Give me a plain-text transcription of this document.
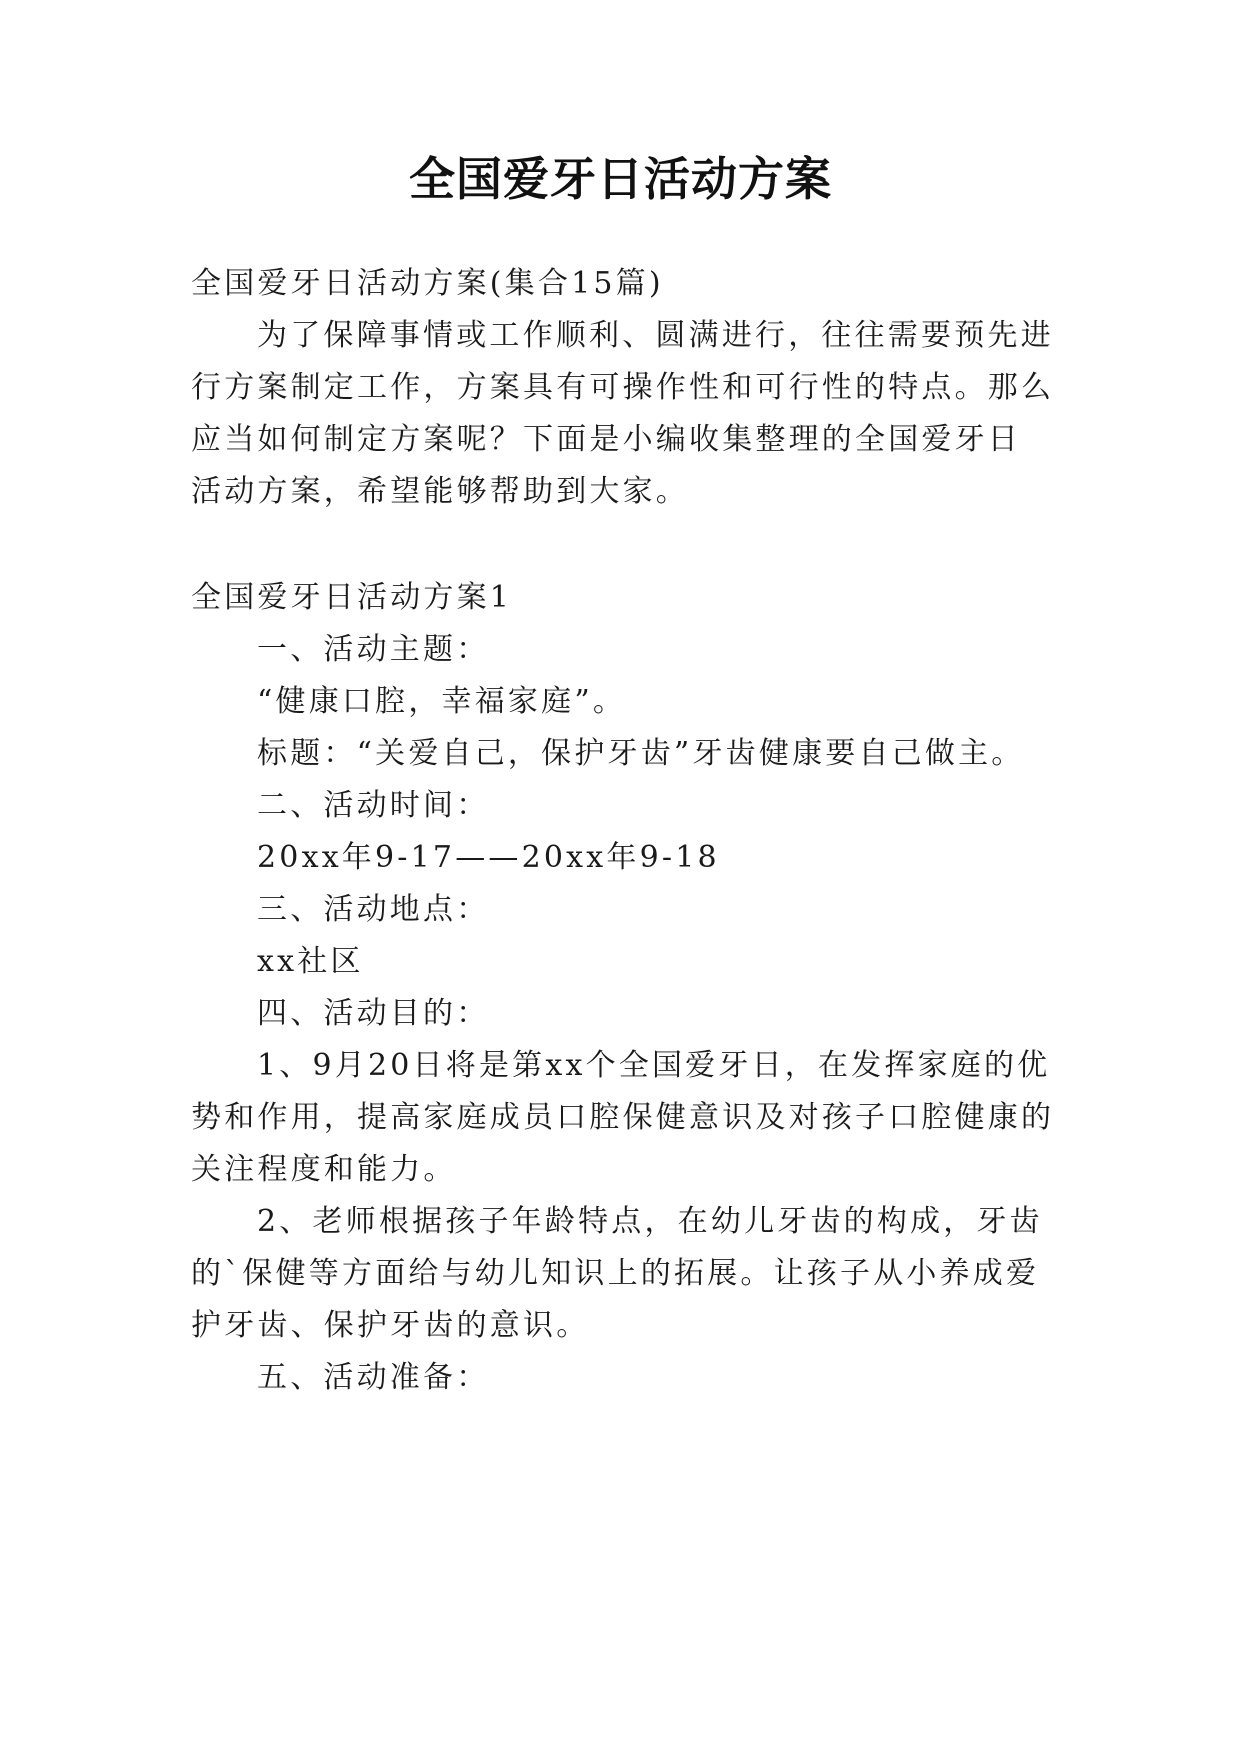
全国爱牙日活动方案
全国爱牙日活动方案(集合15篇)
为了保障事情或工作顺利、圆满进行，往往需要预先进
行方案制定工作，方案具有可操作性和可行性的特点。那么
应当如何制定方案呢？下面是小编收集整理的全国爱牙日
活动方案，希望能够帮助到大家。
全国爱牙日活动方案1
一、活动主题：
“健康口腔，幸福家庭”。
标题：“关爱自己，保护牙齿”牙齿健康要自己做主。
二、活动时间：
20xx年9-17——20xx年9-18
三、活动地点：
xx社区
四、活动目的：
1、9月20日将是第xx个全国爱牙日，在发挥家庭的优
势和作用，提高家庭成员口腔保健意识及对孩子口腔健康的
关注程度和能力。
2、老师根据孩子年龄特点，在幼儿牙齿的构成，牙齿
的`保健等方面给与幼儿知识上的拓展。让孩子从小养成爱
护牙齿、保护牙齿的意识。
五、活动准备：
